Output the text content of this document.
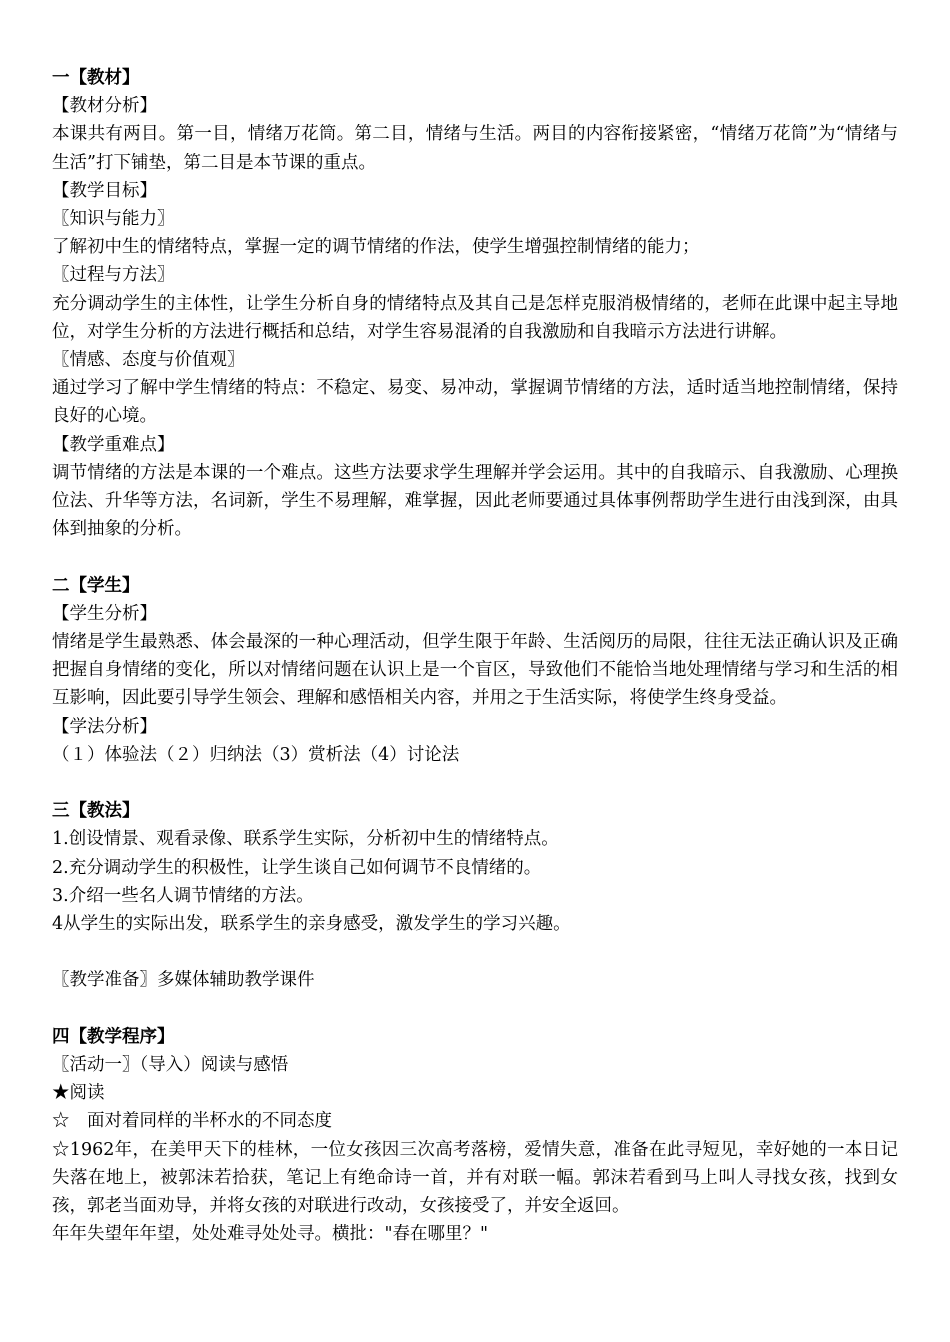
一【教材】
【教材分析】
本课共有两目。第一目，情绪万花筒。第二目，情绪与生活。两目的内容衔接紧密，“情绪万花筒”为“情绪与生活”打下铺垫，第二目是本节课的重点。
【教学目标】
〖知识与能力〗
了解初中生的情绪特点，掌握一定的调节情绪的作法，使学生增强控制情绪的能力；
〖过程与方法〗
充分调动学生的主体性，让学生分析自身的情绪特点及其自己是怎样克服消极情绪的，老师在此课中起主导地位，对学生分析的方法进行概括和总结，对学生容易混淆的自我激励和自我暗示方法进行讲解。
〖情感、态度与价值观〗
通过学习了解中学生情绪的特点：不稳定、易变、易冲动，掌握调节情绪的方法，适时适当地控制情绪，保持良好的心境。
【教学重难点】
调节情绪的方法是本课的一个难点。这些方法要求学生理解并学会运用。其中的自我暗示、自我激励、心理换位法、升华等方法，名词新，学生不易理解，难掌握，因此老师要通过具体事例帮助学生进行由浅到深，由具体到抽象的分析。
二【学生】
【学生分析】
情绪是学生最熟悉、体会最深的一种心理活动，但学生限于年龄、生活阅历的局限，往往无法正确认识及正确把握自身情绪的变化，所以对情绪问题在认识上是一个盲区，导致他们不能恰当地处理情绪与学习和生活的相互影响，因此要引导学生领会、理解和感悟相关内容，并用之于生活实际，将使学生终身受益。
【学法分析】
（１）体验法（２）归纳法（3）赏析法（4）讨论法
三【教法】
1.创设情景、观看录像、联系学生实际，分析初中生的情绪特点。
2.充分调动学生的积极性，让学生谈自己如何调节不良情绪的。
3.介绍一些名人调节情绪的方法。
4从学生的实际出发，联系学生的亲身感受，激发学生的学习兴趣。
〖教学准备〗多媒体辅助教学课件
四【教学程序】
〖活动一〗（导入）阅读与感悟
★阅读
☆　面对着同样的半杯水的不同态度
☆1962年，在美甲天下的桂林，一位女孩因三次高考落榜，爱情失意，准备在此寻短见，幸好她的一本日记失落在地上，被郭沫若拾获，笔记上有绝命诗一首，并有对联一幅。郭沫若看到马上叫人寻找女孩，找到女孩，郭老当面劝导，并将女孩的对联进行改动，女孩接受了，并安全返回。
年年失望年年望，处处难寻处处寻。横批："春在哪里？"
